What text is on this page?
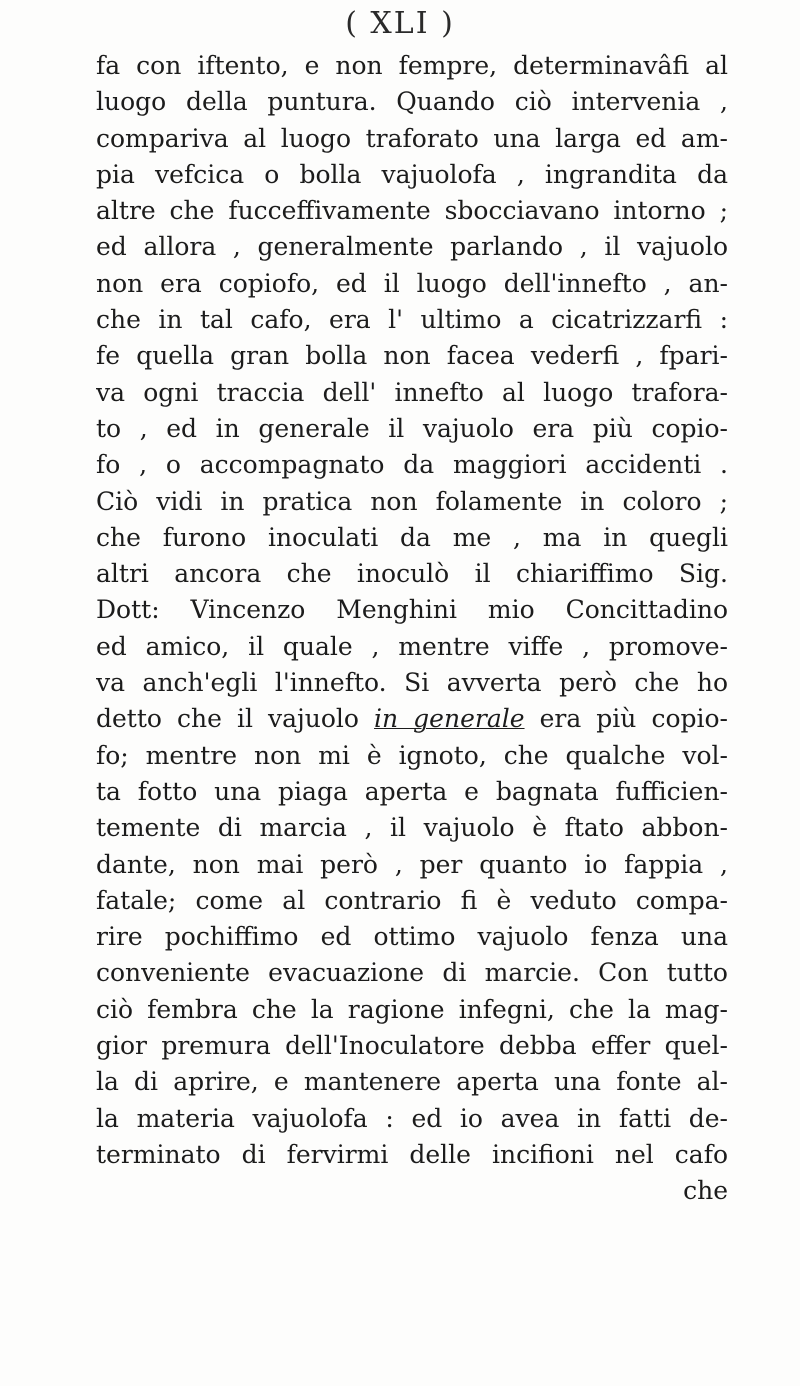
( XLI )
fa con iftento, e non fempre, determinavâfi al
luogo della puntura. Quando ciò intervenia ,
compariva al luogo traforato una larga ed am-
pia vefcica o bolla vajuolofa , ingrandita da
altre che fucceffivamente sbocciavano intorno ;
ed allora , generalmente parlando , il vajuolo
non era copiofo, ed il luogo dell'innefto , an-
che in tal cafo, era l' ultimo a cicatrizzarfi :
fe quella gran bolla non facea vederfi , fpari-
va ogni traccia dell' innefto al luogo trafora-
to , ed in generale il vajuolo era più copio-
fo , o accompagnato da maggiori accidenti .
Ciò vidi in pratica non folamente in coloro ;
che furono inoculati da me , ma in quegli
altri ancora che inoculò il chiariffimo Sig.
Dott: Vincenzo Menghini mio Concittadino
ed amico, il quale , mentre viffe , promove-
va anch'egli l'innefto. Si avverta però che ho
detto che il vajuolo in generale era più copio-
fo; mentre non mi è ignoto, che qualche vol-
ta fotto una piaga aperta e bagnata fufficien-
temente di marcia , il vajuolo è ftato abbon-
dante, non mai però , per quanto io fappia ,
fatale; come al contrario fi è veduto compa-
rire pochiffimo ed ottimo vajuolo fenza una
conveniente evacuazione di marcie. Con tutto
ciò fembra che la ragione infegni, che la mag-
gior premura dell'Inoculatore debba effer quel-
la di aprire, e mantenere aperta una fonte al-
la materia vajuolofa : ed io avea in fatti de-
terminato di fervirmi delle incifioni nel cafo
che
